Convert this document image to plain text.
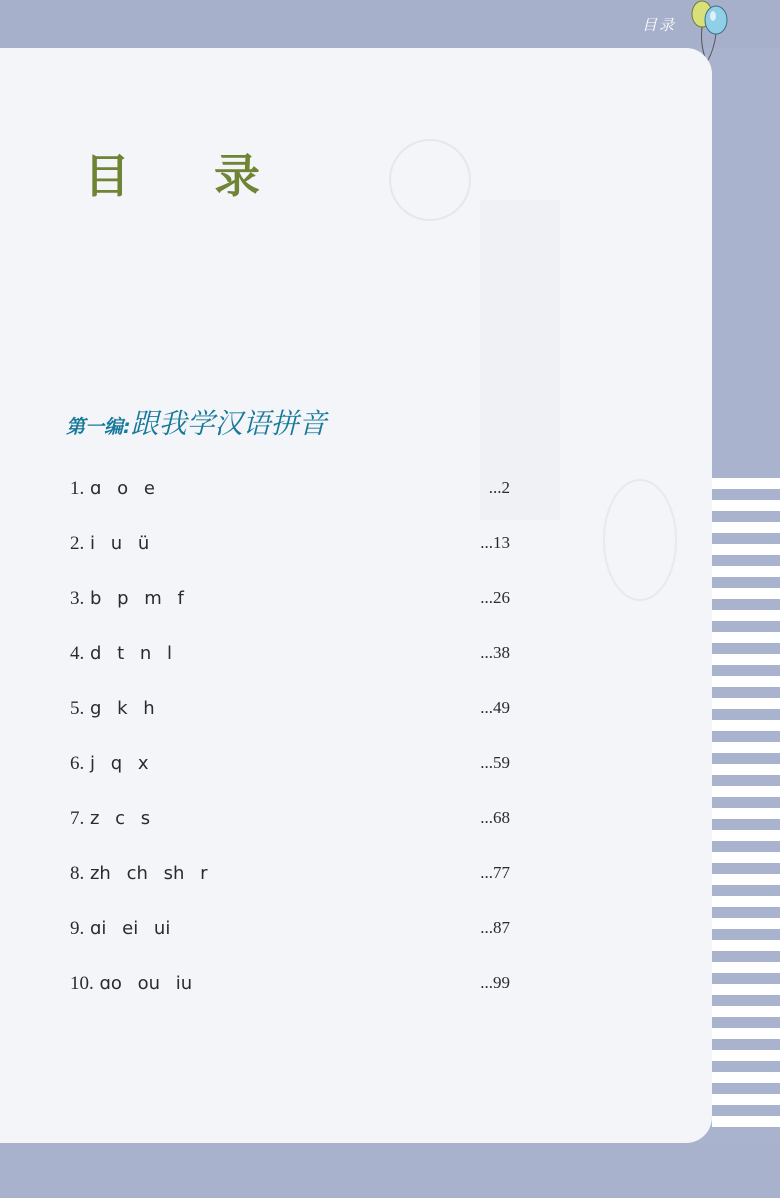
目录
目 录
第一编: 跟我学汉语拼音
1. ɑ o e	...2
2. i u ü	...13
3. b p m f	...26
4. d t n l	...38
5. g k h	...49
6. j q x	...59
7. z c s	...68
8. zh ch sh r	...77
9. ɑi ei ui	...87
10. ɑo ou iu	...99
